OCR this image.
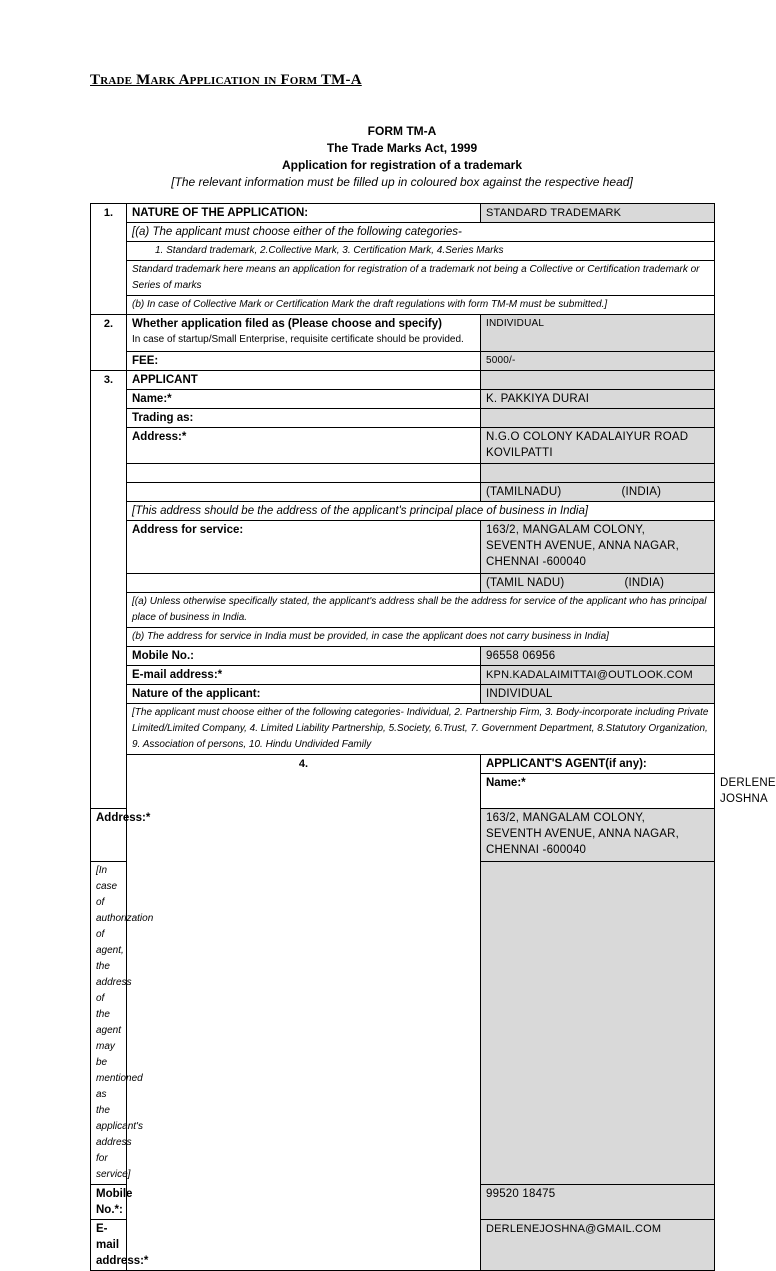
Trade Mark Application in Form TM-A
FORM TM-A
The Trade Marks Act, 1999
Application for registration of a trademark
[The relevant information must be filled up in coloured box against the respective head]
1.	NATURE OF THE APPLICATION:	STANDARD TRADEMARK	
	[(a) The applicant must choose either of the following categories-		
	1. Standard trademark, 2.Collective Mark, 3. Certification Mark, 4.Series Marks		
	Standard trademark here means an application for registration of a trademark not being a Collective or Certification trademark or Series of marks		
	(b) In case of Collective Mark or Certification Mark the draft regulations with form TM-M must be submitted.]		
2.	Whether application filed as (Please choose and specify)
In case of startup/Small Enterprise, requisite certificate should be provided.	INDIVIDUAL	
	FEE:	5000/-	
3.	APPLICANT		
	Name:*	K. PAKKIYA DURAI	
	Trading as:		
	Address:*	N.G.O COLONY KADALAIYUR ROAD
KOVILPATTI	

		(TAMILNADU) (INDIA)	
	[This address should be the address of the applicant's principal place of business in India]		
	Address for service:	163/2, MANGALAM COLONY,
SEVENTH AVENUE, ANNA NAGAR,
CHENNAI -600040	

		(TAMIL NADU) (INDIA)	
	[(a) Unless otherwise specifically stated, the applicant's address shall be the address for service of the applicant who has principal place of business in India.		
	(b) The address for service in India must be provided, in case the applicant does not carry business in India]		
	Mobile No.:	96558 06956	
	E-mail address:*	KPN.KADALAIMITTAI@OUTLOOK.COM	
	Nature of the applicant:	INDIVIDUAL	
	[The applicant must choose either of the following categories- Individual, 2. Partnership Firm, 3. Body-incorporate including Private Limited/Limited Company, 4. Limited Liability Partnership, 5.Society, 6.Trust, 7. Government Department, 8.Statutory Organization, 9. Association of persons, 10. Hindu Undivided Family		
	4.	APPLICANT'S AGENT(if any):	
		Name:*	DERLENE JOSHNA
Address:*		163/2, MANGALAM COLONY,
SEVENTH AVENUE, ANNA NAGAR,
CHENNAI -600040	

[In case of authorization of agent, the address of the agent may be mentioned as the applicant's address for service]			
Mobile No.*:		99520 18475	
E-mail address:*		DERLENEJOSHNA@GMAIL.COM	
